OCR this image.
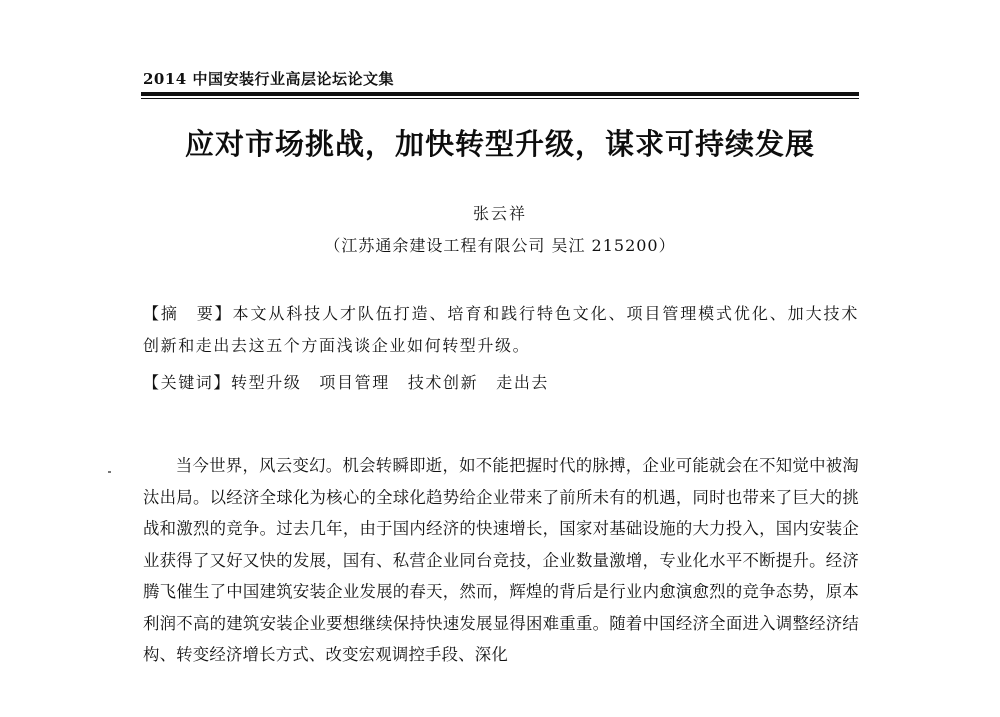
2014 中国安装行业高层论坛论文集
应对市场挑战，加快转型升级，谋求可持续发展
张云祥
（江苏通余建设工程有限公司 吴江 215200）

【摘　要】本文从科技人才队伍打造、培育和践行特色文化、项目管理模式优化、加大技术创新和走出去这五个方面浅谈企业如何转型升级。

【关键词】转型升级 项目管理 技术创新 走出去

当今世界，风云变幻。机会转瞬即逝，如不能把握时代的脉搏，企业可能就会在不知觉中被淘汰出局。以经济全球化为核心的全球化趋势给企业带来了前所未有的机遇，同时也带来了巨大的挑战和激烈的竞争。过去几年，由于国内经济的快速增长，国家对基础设施的大力投入，国内安装企业获得了又好又快的发展，国有、私营企业同台竞技，企业数量激增，专业化水平不断提升。经济腾飞催生了中国建筑安装企业发展的春天，然而，辉煌的背后是行业内愈演愈烈的竞争态势，原本利润不高的建筑安装企业要想继续保持快速发展显得困难重重。随着中国经济全面进入调整经济结构、转变经济增长方式、改变宏观调控手段、深化
